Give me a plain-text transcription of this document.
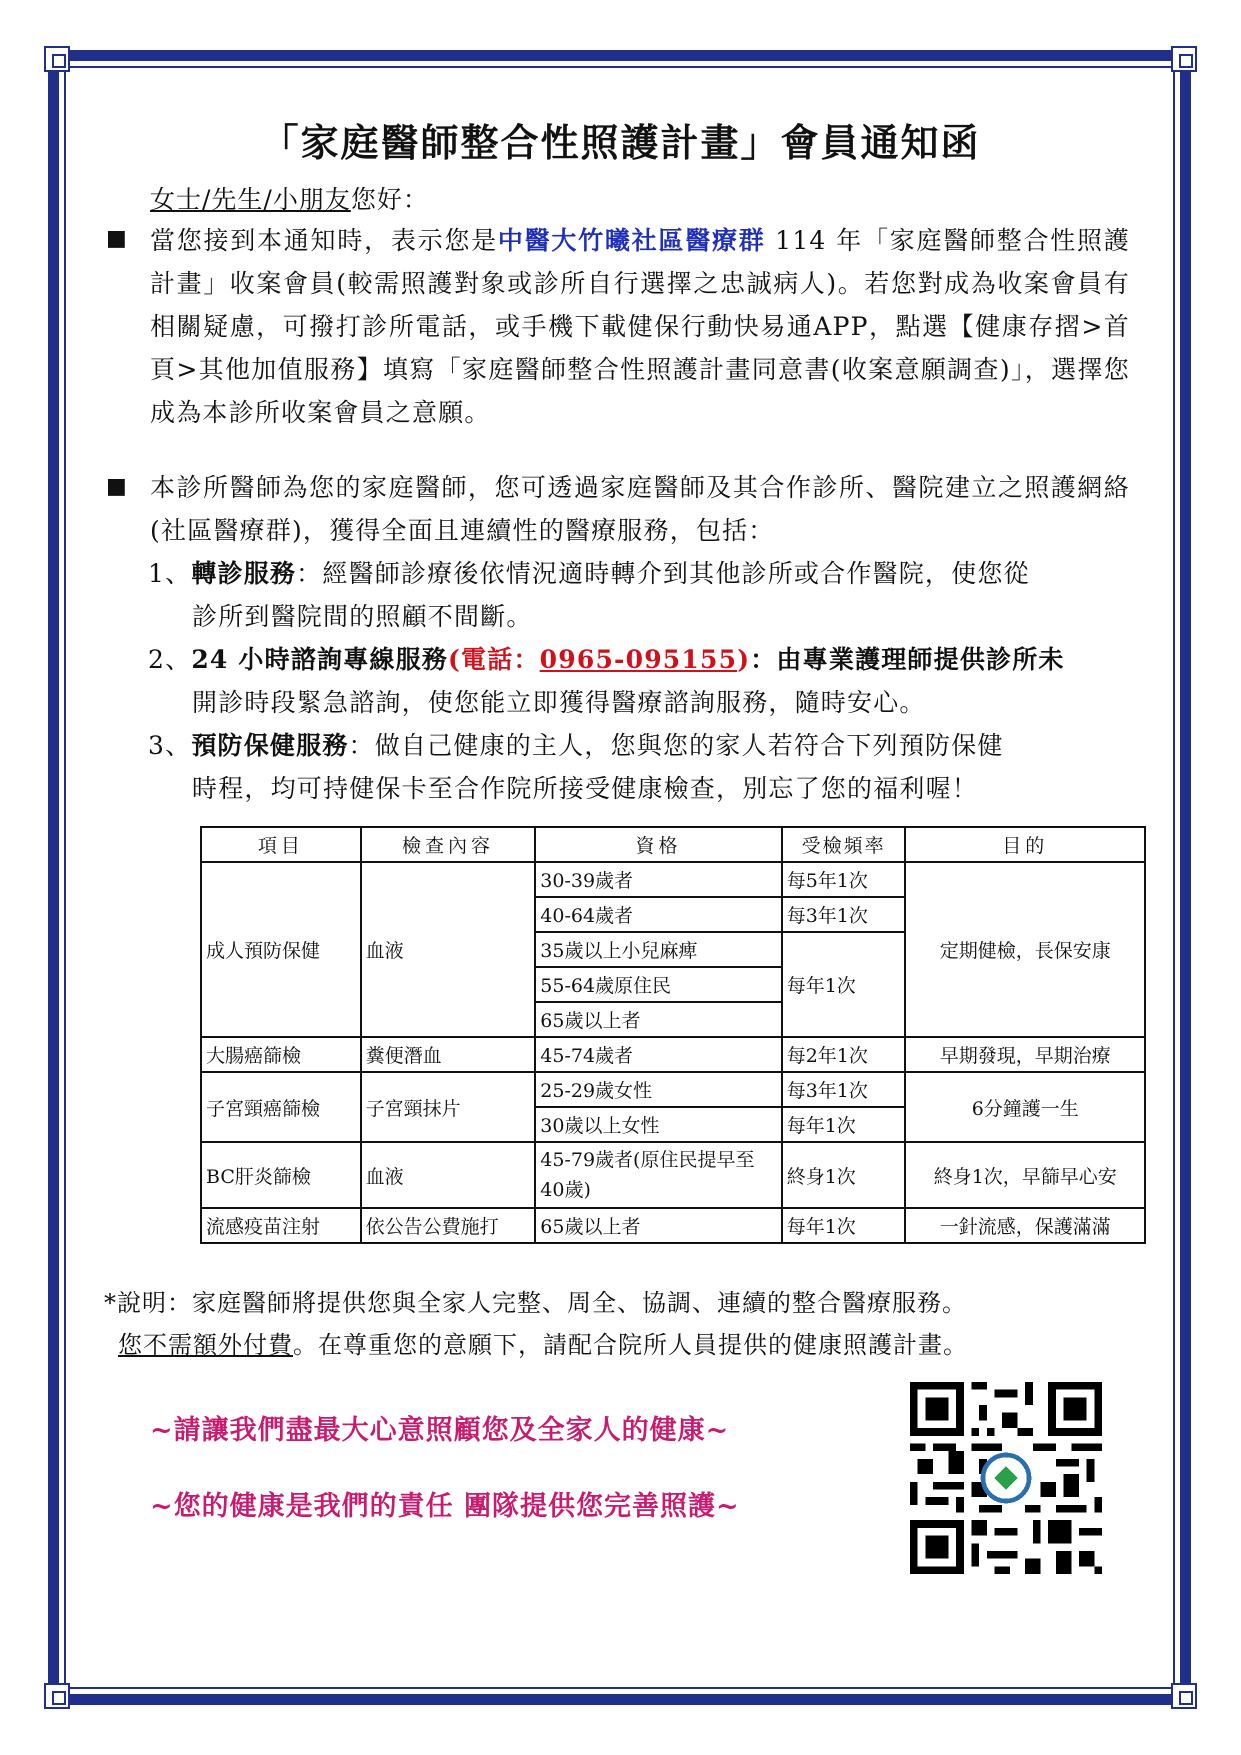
「家庭醫師整合性照護計畫」會員通知函
女士/先生/小朋友您好：
■ 當您接到本通知時，表示您是中醫大竹曦社區醫療群 114 年「家庭醫師整合性照護計畫」收案會員(較需照護對象或診所自行選擇之忠誠病人)。若您對成為收案會員有相關疑慮，可撥打診所電話，或手機下載健保行動快易通APP，點選【健康存摺>首頁>其他加值服務】填寫「家庭醫師整合性照護計畫同意書(收案意願調查)」，選擇您成為本診所收案會員之意願。
■ 本診所醫師為您的家庭醫師，您可透過家庭醫師及其合作診所、醫院建立之照護網絡(社區醫療群)，獲得全面且連續性的醫療服務，包括：
1、轉診服務：經醫師診療後依情況適時轉介到其他診所或合作醫院，使您從
診所到醫院間的照顧不間斷。
2、24 小時諮詢專線服務(電話：0965-095155)：由專業護理師提供診所未
開診時段緊急諮詢，使您能立即獲得醫療諮詢服務，隨時安心。
3、預防保健服務：做自己健康的主人，您與您的家人若符合下列預防保健
時程，均可持健保卡至合作院所接受健康檢查，別忘了您的福利喔！
項目	檢查內容	資格	受檢頻率	目的
成人預防保健	血液	30-39歲者	每5年1次	定期健檢，長保安康
		40-64歲者	每3年1次	
		35歲以上小兒麻痺	每年1次	
		55-64歲原住民		
		65歲以上者		
大腸癌篩檢	糞便潛血	45-74歲者	每2年1次	早期發現，早期治療
子宮頸癌篩檢	子宮頸抹片	25-29歲女性	每3年1次	6分鐘護一生
		30歲以上女性	每年1次	
BC肝炎篩檢	血液	45-79歲者(原住民提早至40歲)	終身1次	終身1次，早篩早心安
流感疫苗注射	依公告公費施打	65歲以上者	每年1次	一針流感，保護滿滿
*說明：家庭醫師將提供您與全家人完整、周全、協調、連續的整合醫療服務。
您不需額外付費。在尊重您的意願下，請配合院所人員提供的健康照護計畫。
~請讓我們盡最大心意照顧您及全家人的健康~
~您的健康是我們的責任 團隊提供您完善照護~
